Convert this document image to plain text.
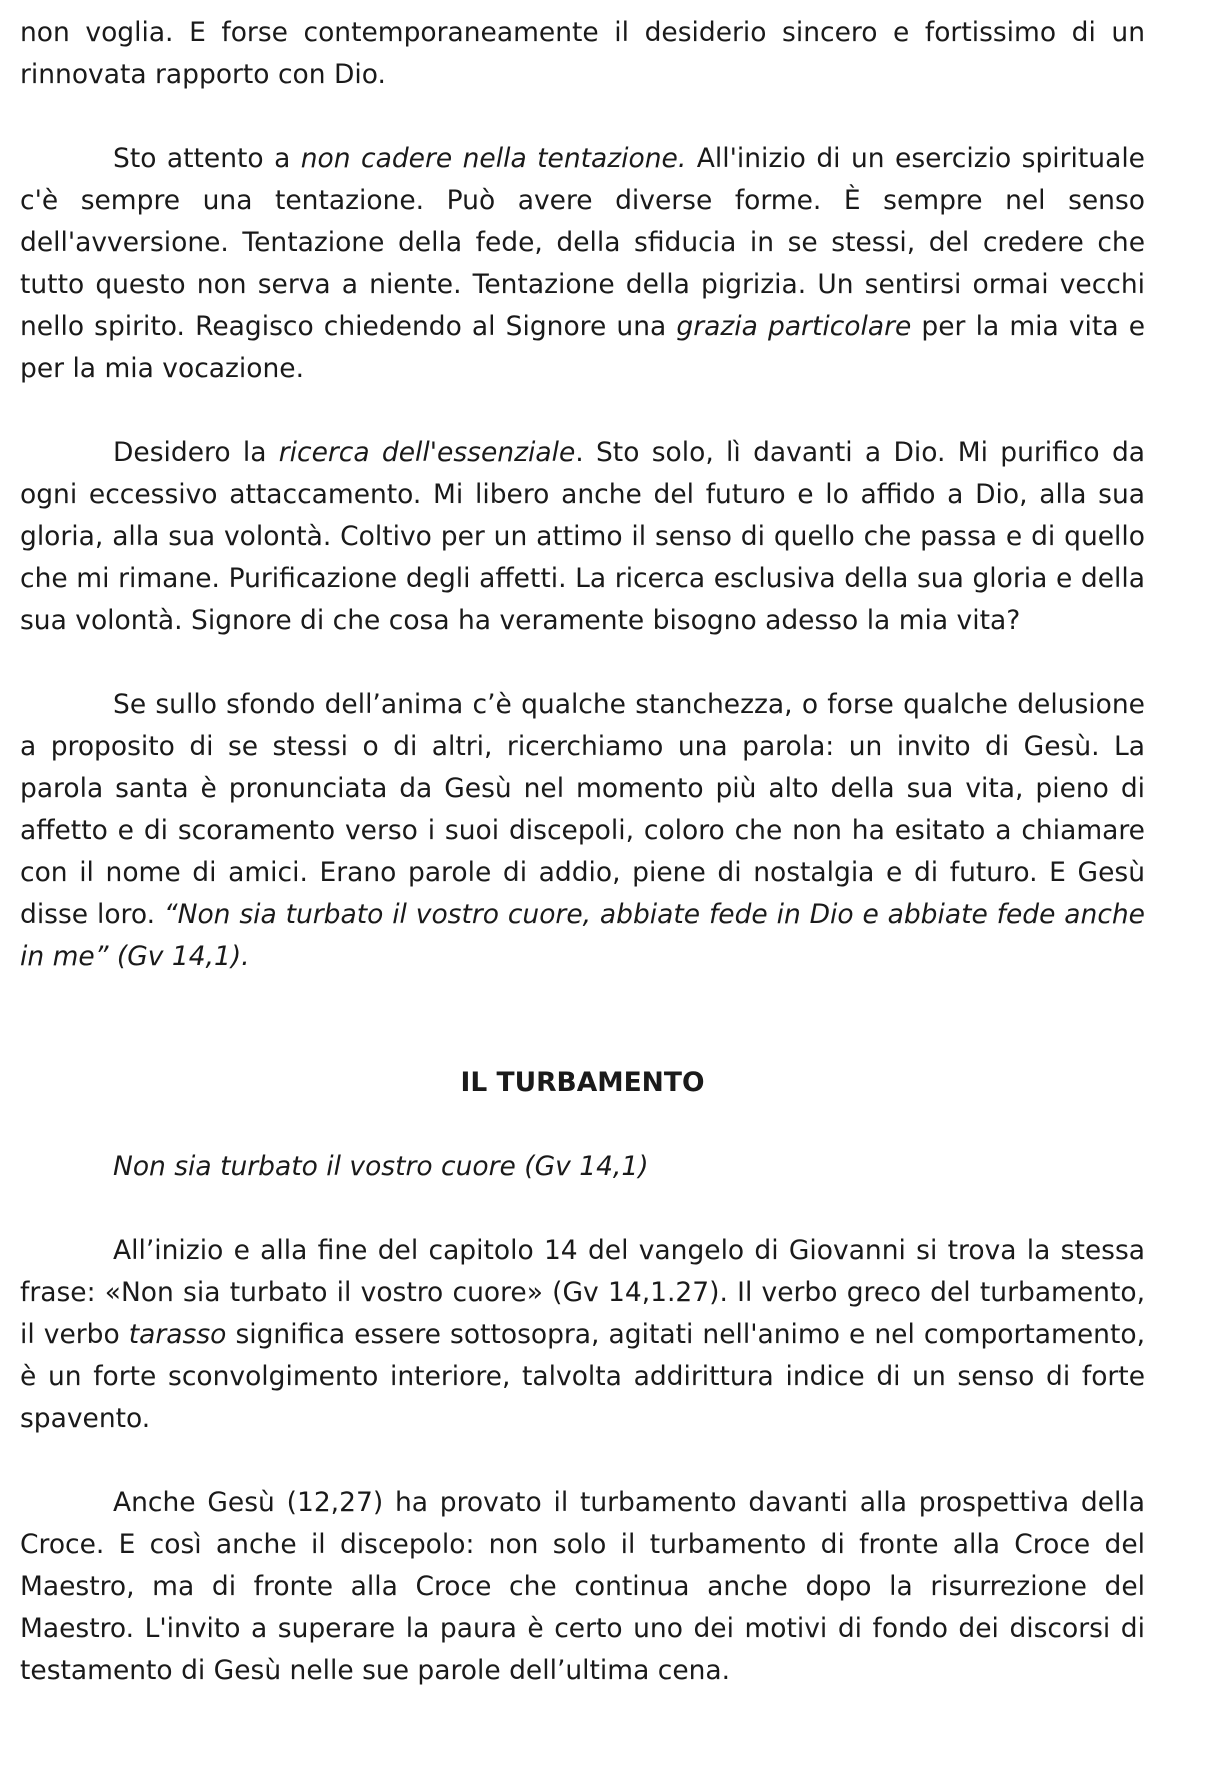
non voglia. E forse contemporaneamente il desiderio sincero e fortissimo di un rinnovata rapporto con Dio.

Sto attento a non cadere nella tentazione. All'inizio di un esercizio spirituale c'è sempre una tentazione. Può avere diverse forme. È sempre nel senso dell'avversione. Tentazione della fede, della sfiducia in se stessi, del credere che tutto questo non serva a niente. Tentazione della pigrizia. Un sentirsi ormai vecchi nello spirito. Reagisco chiedendo al Signore una grazia particolare per la mia vita e per la mia vocazione.

Desidero la ricerca dell'essenziale. Sto solo, lì davanti a Dio. Mi purifico da ogni eccessivo attaccamento. Mi libero anche del futuro e lo affido a Dio, alla sua gloria, alla sua volontà. Coltivo per un attimo il senso di quello che passa e di quello che mi rimane. Purificazione degli affetti. La ricerca esclusiva della sua gloria e della sua volontà. Signore di che cosa ha veramente bisogno adesso la mia vita?

Se sullo sfondo dell’anima c’è qualche stanchezza, o forse qualche delusione a proposito di se stessi o di altri, ricerchiamo una parola: un invito di Gesù. La parola santa è pronunciata da Gesù nel momento più alto della sua vita, pieno di affetto e di scoramento verso i suoi discepoli, coloro che non ha esitato a chiamare con il nome di amici. Erano parole di addio, piene di nostalgia e di futuro. E Gesù disse loro. “Non sia turbato il vostro cuore, abbiate fede in Dio e abbiate fede anche in me” (Gv 14,1).

IL TURBAMENTO

Non sia turbato il vostro cuore (Gv 14,1)

All’inizio e alla fine del capitolo 14 del vangelo di Giovanni si trova la stessa frase: «Non sia turbato il vostro cuore» (Gv 14,1.27). Il verbo greco del turbamento, il verbo tarasso significa essere sottosopra, agitati nell'animo e nel comportamento, è un forte sconvolgimento interiore, talvolta addirittura indice di un senso di forte spavento.

Anche Gesù (12,27) ha provato il turbamento davanti alla prospettiva della Croce. E così anche il discepolo: non solo il turbamento di fronte alla Croce del Maestro, ma di fronte alla Croce che continua anche dopo la risurrezione del Maestro. L'invito a superare la paura è certo uno dei motivi di fondo dei discorsi di testamento di Gesù nelle sue parole dell’ultima cena.
